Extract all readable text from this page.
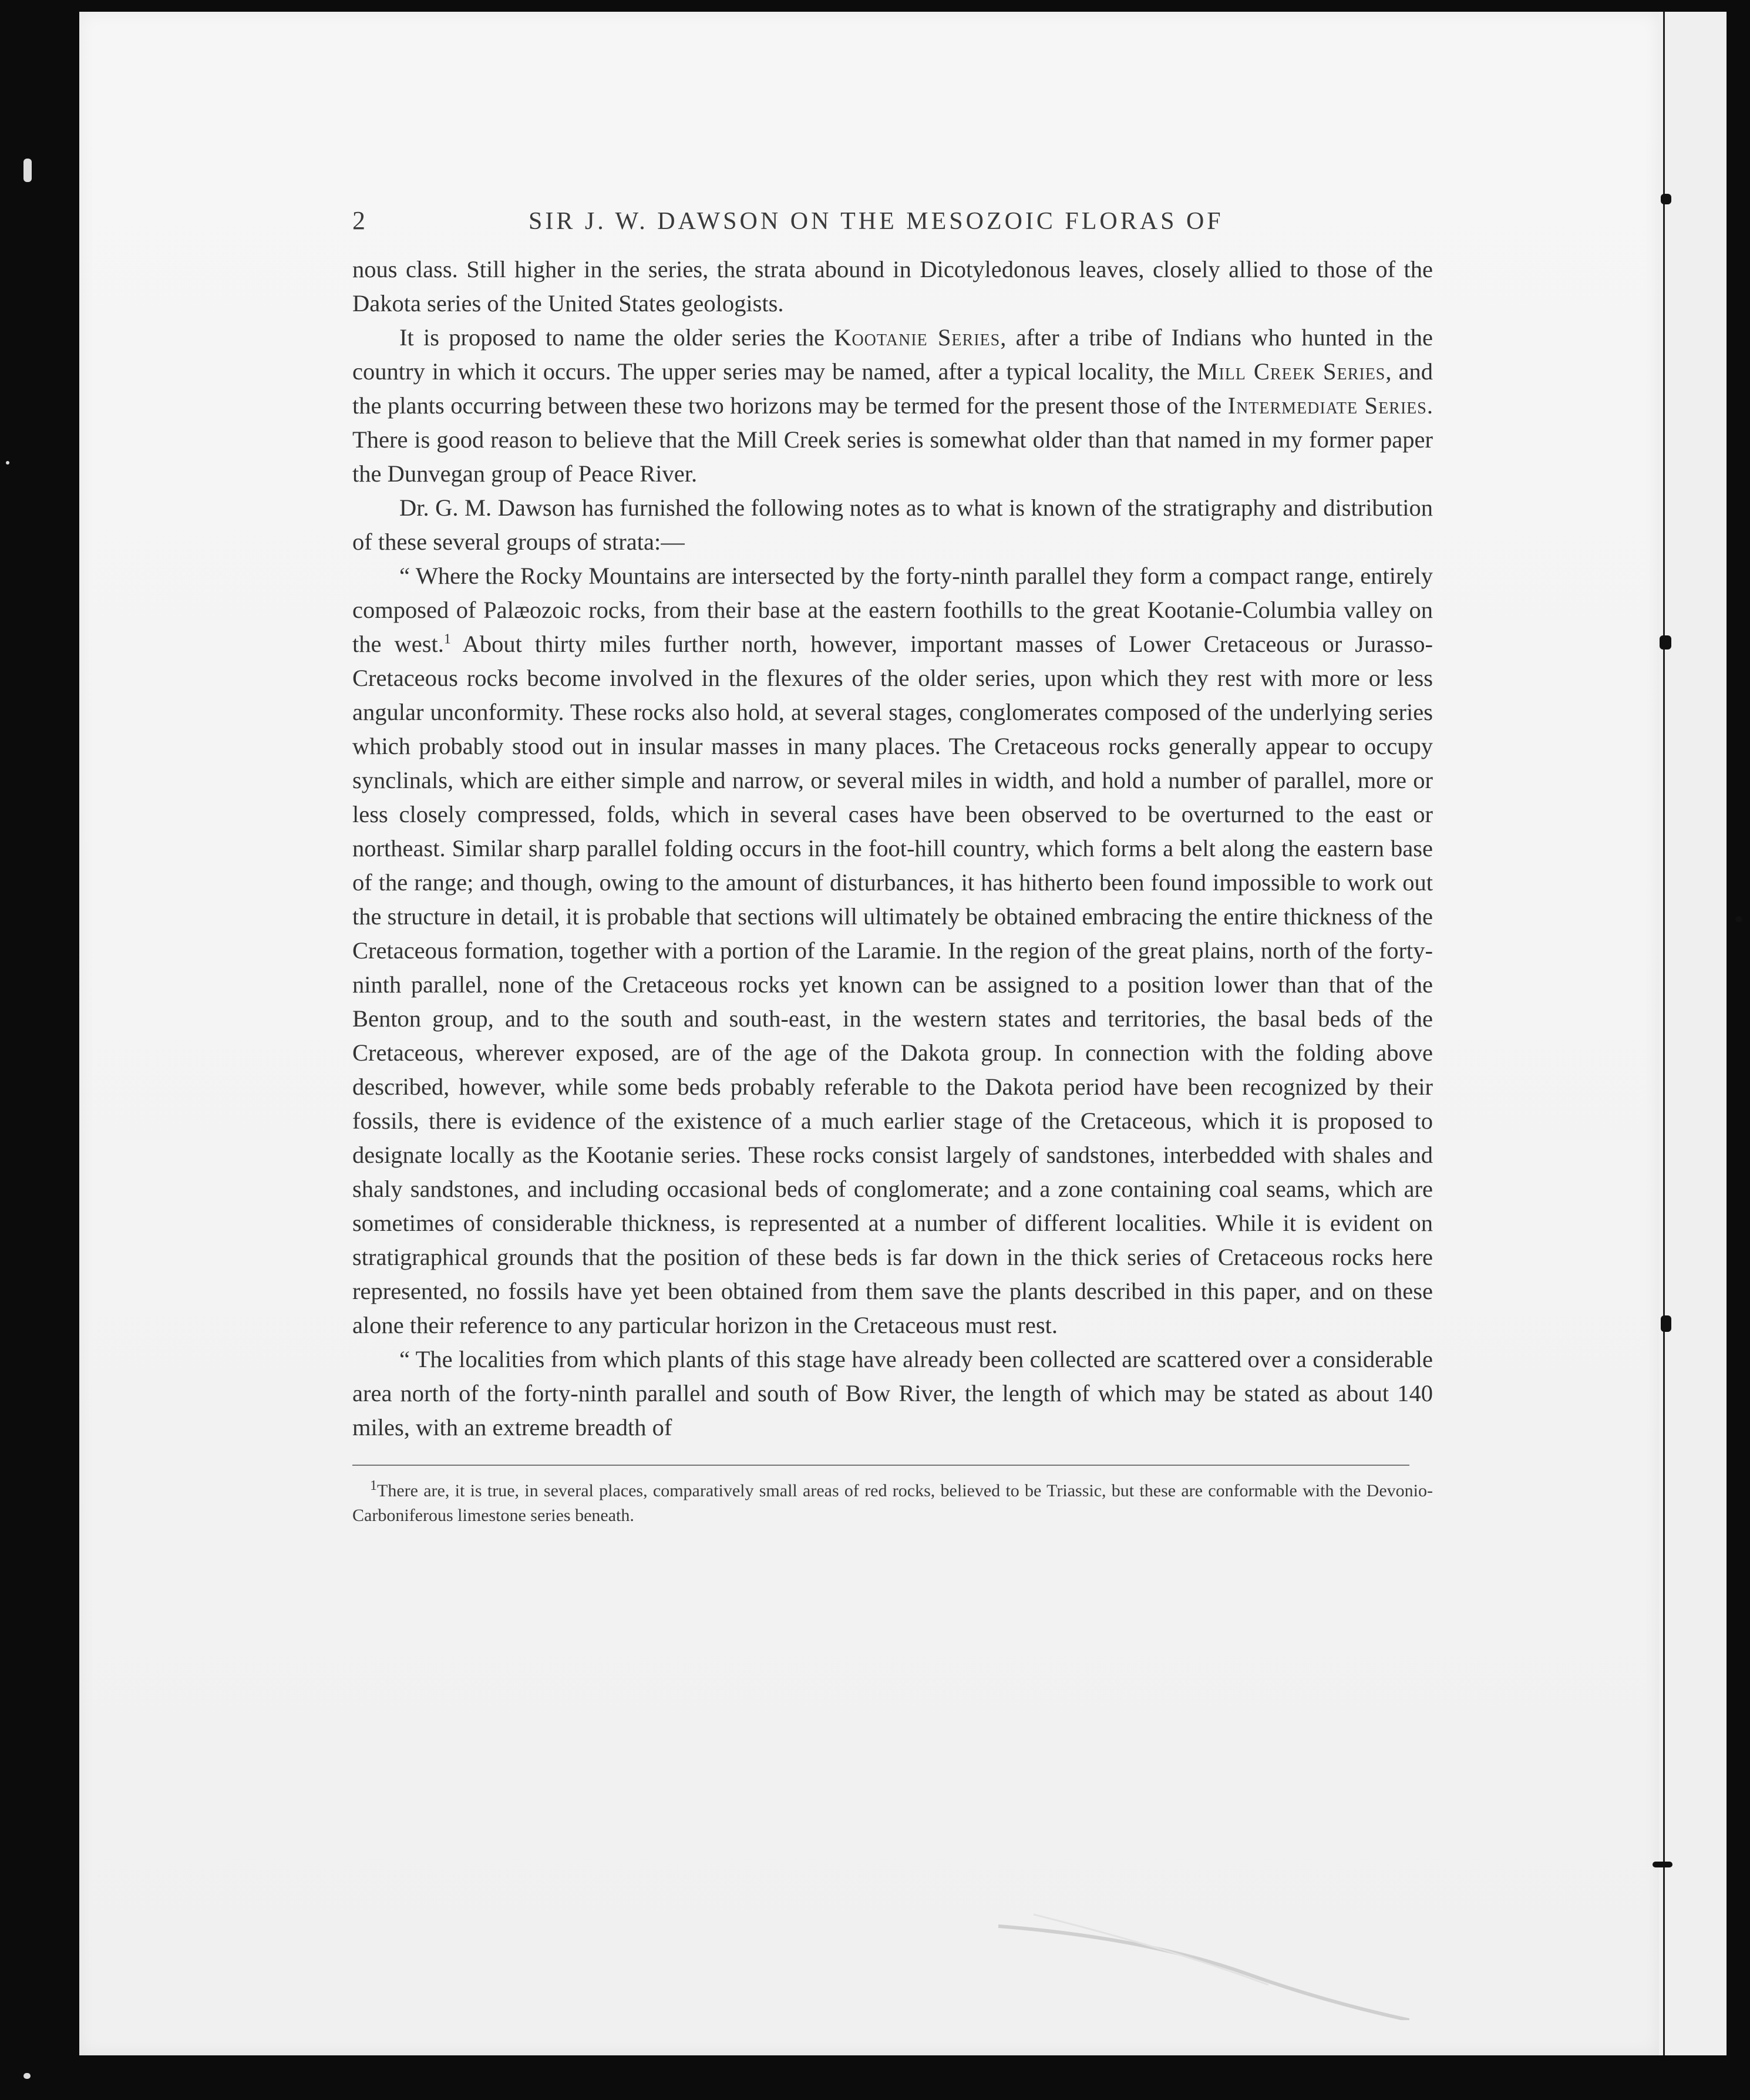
2	SIR J. W. DAWSON ON THE MESOZOIC FLORAS OF

nous class. Still higher in the series, the strata abound in Dicotyledonous leaves, closely allied to those of the Dakota series of the United States geologists.

It is proposed to name the older series the Kootanie Series, after a tribe of Indians who hunted in the country in which it occurs. The upper series may be named, after a typical locality, the Mill Creek Series, and the plants occurring between these two horizons may be termed for the present those of the Intermediate Series. There is good reason to believe that the Mill Creek series is somewhat older than that named in my former paper the Dunvegan group of Peace River.

Dr. G. M. Dawson has furnished the following notes as to what is known of the stratigraphy and distribution of these several groups of strata:—

“ Where the Rocky Mountains are intersected by the forty-ninth parallel they form a compact range, entirely composed of Palæozoic rocks, from their base at the eastern foothills to the great Kootanie-Columbia valley on the west.$^1$ About thirty miles further north, however, important masses of Lower Cretaceous or Jurasso-Cretaceous rocks become involved in the flexures of the older series, upon which they rest with more or less angular unconformity. These rocks also hold, at several stages, conglomerates composed of the underlying series which probably stood out in insular masses in many places. The Cretaceous rocks generally appear to occupy synclinals, which are either simple and narrow, or several miles in width, and hold a number of parallel, more or less closely compressed, folds, which in several cases have been observed to be overturned to the east or northeast. Similar sharp parallel folding occurs in the foot-hill country, which forms a belt along the eastern base of the range; and though, owing to the amount of disturbances, it has hitherto been found impossible to work out the structure in detail, it is probable that sections will ultimately be obtained embracing the entire thickness of the Cretaceous formation, together with a portion of the Laramie. In the region of the great plains, north of the forty-ninth parallel, none of the Cretaceous rocks yet known can be assigned to a position lower than that of the Benton group, and to the south and south-east, in the western states and territories, the basal beds of the Cretaceous, wherever exposed, are of the age of the Dakota group. In connection with the folding above described, however, while some beds probably referable to the Dakota period have been recognized by their fossils, there is evidence of the existence of a much earlier stage of the Cretaceous, which it is proposed to designate locally as the Kootanie series. These rocks consist largely of sandstones, interbedded with shales and shaly sandstones, and including occasional beds of conglomerate; and a zone containing coal seams, which are sometimes of considerable thickness, is represented at a number of different localities. While it is evident on stratigraphical grounds that the position of these beds is far down in the thick series of Cretaceous rocks here represented, no fossils have yet been obtained from them save the plants described in this paper, and on these alone their reference to any particular horizon in the Cretaceous must rest.

“ The localities from which plants of this stage have already been collected are scattered over a considerable area north of the forty-ninth parallel and south of Bow River, the length of which may be stated as about 140 miles, with an extreme breadth of

$^1$There are, it is true, in several places, comparatively small areas of red rocks, believed to be Triassic, but these are conformable with the Devonio-Carboniferous limestone series beneath.
